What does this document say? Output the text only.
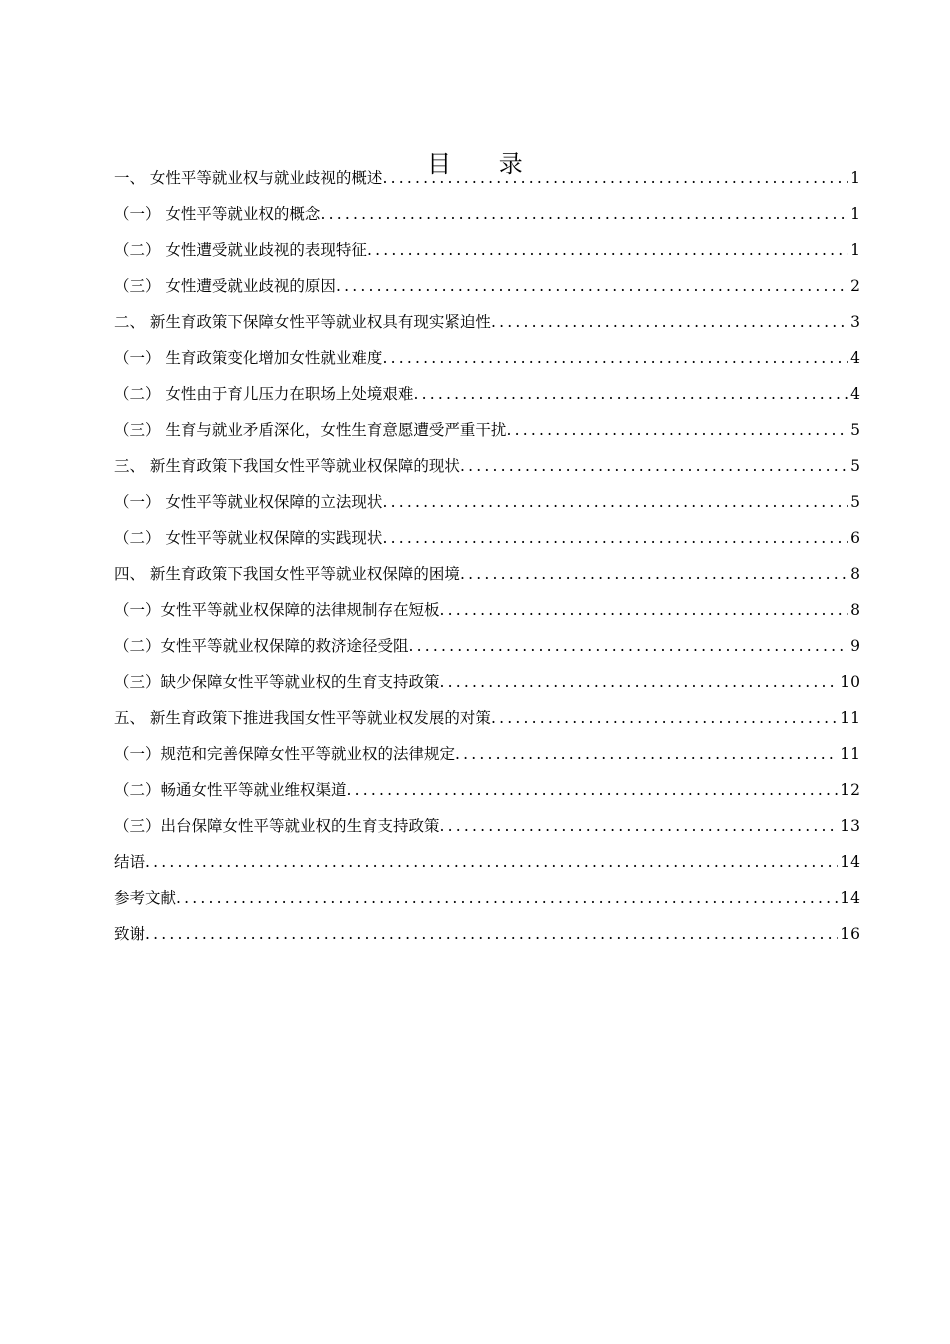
目 录
一、 女性平等就业权与就业歧视的概述 .....	1
（一） 女性平等就业权的概念 .....	1
（二） 女性遭受就业歧视的表现特征 .....	1
（三） 女性遭受就业歧视的原因 .....	2
二、 新生育政策下保障女性平等就业权具有现实紧迫性 .....	3
（一） 生育政策变化增加女性就业难度 .....	4
（二） 女性由于育儿压力在职场上处境艰难 .....	4
（三） 生育与就业矛盾深化，女性生育意愿遭受严重干扰 .....	5
三、 新生育政策下我国女性平等就业权保障的现状 .....	5
（一） 女性平等就业权保障的立法现状 .....	5
（二） 女性平等就业权保障的实践现状 .....	6
四、 新生育政策下我国女性平等就业权保障的困境 .....	8
（一）女性平等就业权保障的法律规制存在短板 .....	8
（二）女性平等就业权保障的救济途径受阻 .....	9
（三）缺少保障女性平等就业权的生育支持政策 .....	10
五、 新生育政策下推进我国女性平等就业权发展的对策 .....	11
（一）规范和完善保障女性平等就业权的法律规定 .....	11
（二）畅通女性平等就业维权渠道 .....	12
（三）出台保障女性平等就业权的生育支持政策 .....	13
结语 .....	14
参考文献 .....	14
致谢 .....	16
